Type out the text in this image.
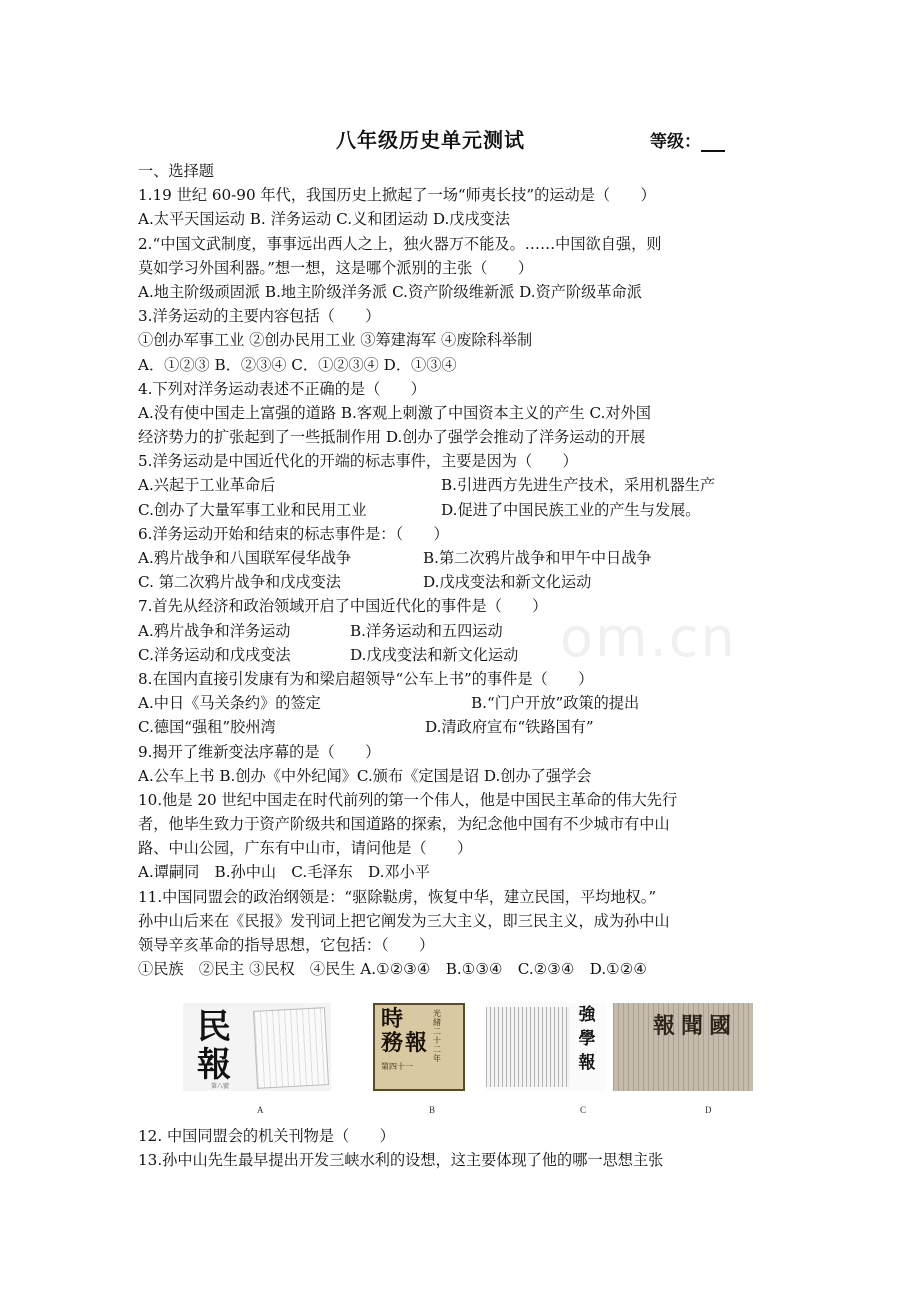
八年级历史单元测试	等级：
om.cn
一、选择题
1.19 世纪 60-90 年代，我国历史上掀起了一场“师夷长技”的运动是（　　）
A.太平天国运动 B. 洋务运动 C.义和团运动 D.戊戌变法
2.“中国文武制度，事事远出西人之上，独火器万不能及。……中国欲自强，则
莫如学习外国利器。”想一想，这是哪个派别的主张（　　）
A.地主阶级顽固派 B.地主阶级洋务派 C.资产阶级维新派 D.资产阶级革命派
3.洋务运动的主要内容包括（　　）
①创办军事工业 ②创办民用工业 ③筹建海军 ④废除科举制
A．①②③ B．②③④ C．①②③④ D．①③④
4.下列对洋务运动表述不正确的是（　　）
A.没有使中国走上富强的道路 B.客观上刺激了中国资本主义的产生 C.对外国
经济势力的扩张起到了一些抵制作用 D.创办了强学会推动了洋务运动的开展
5.洋务运动是中国近代化的开端的标志事件，主要是因为（　　）
A.兴起于工业革命后	B.引进西方先进生产技术，采用机器生产
C.创办了大量军事工业和民用工业	D.促进了中国民族工业的产生与发展。
6.洋务运动开始和结束的标志事件是：（　　）
A.鸦片战争和八国联军侵华战争	B.第二次鸦片战争和甲午中日战争
C. 第二次鸦片战争和戊戌变法	D.戊戌变法和新文化运动
7.首先从经济和政治领域开启了中国近代化的事件是（　　）
A.鸦片战争和洋务运动	B.洋务运动和五四运动
C.洋务运动和戊戌变法	D.戊戌变法和新文化运动
8.在国内直接引发康有为和梁启超领导“公车上书”的事件是（　　）
A.中日《马关条约》的签定	B.“门户开放”政策的提出
C.德国“强租”胶州湾	D.清政府宣布“铁路国有”
9.揭开了维新变法序幕的是（　　）
A.公车上书 B.创办《中外纪闻》C.颁布《定国是诏 D.创办了强学会
10.他是 20 世纪中国走在时代前列的第一个伟人，他是中国民主革命的伟大先行
者，他毕生致力于资产阶级共和国道路的探索，为纪念他中国有不少城市有中山
路、中山公园，广东有中山市，请问他是（　　）
A.谭嗣同　B.孙中山　C.毛泽东　D.邓小平
11.中国同盟会的政治纲领是：“驱除鞑虏，恢复中华，建立民国，平均地权。”
孙中山后来在《民报》发刊词上把它阐发为三大主义，即三民主义，成为孙中山
领导辛亥革命的指导思想，它包括：（　　）
①民族　②民主 ③民权　④民生 A.①②③④　B.①③④　C.②③④　D.①②④
民
報
第八號
A
時
務 報
光緒二十二年
第四十一
B
強
學
報
C
國
聞
報
D
12. 中国同盟会的机关刊物是（　　）
13.孙中山先生最早提出开发三峡水利的设想，这主要体现了他的哪一思想主张
